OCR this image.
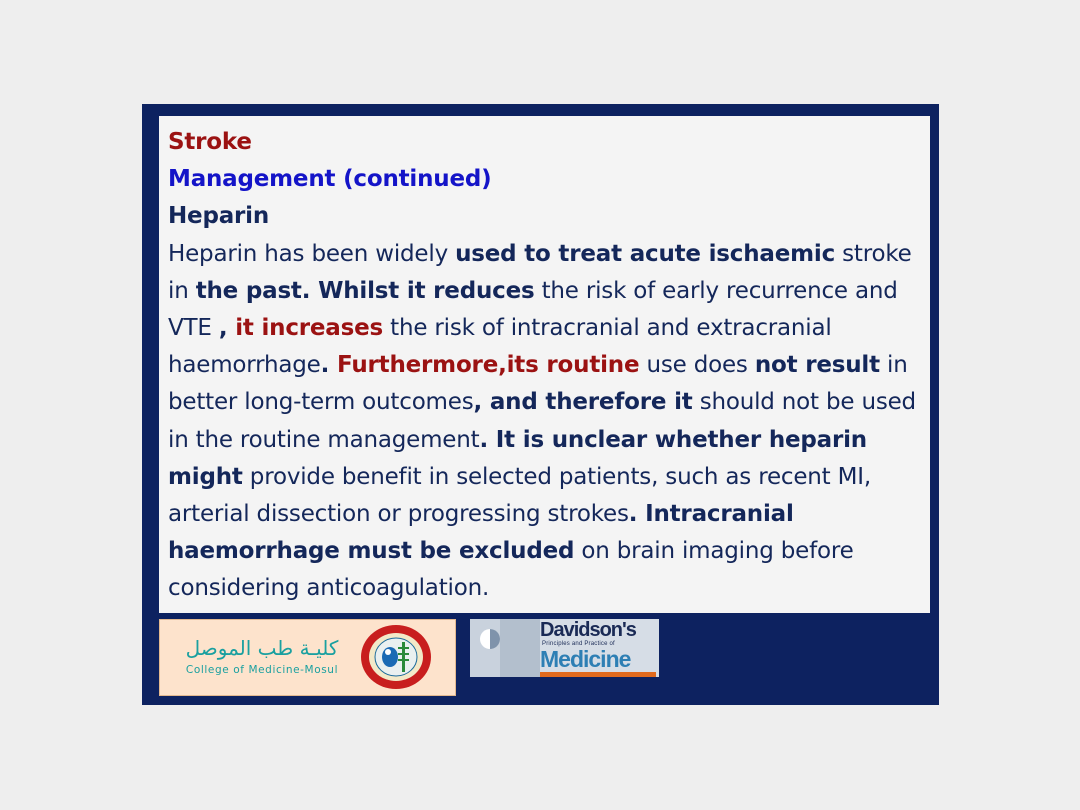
Stroke

Management (continued)

Heparin

Heparin has been widely used to treat acute ischaemic stroke in the past. Whilst it reduces the risk of early recurrence and VTE , it increases the risk of intracranial and extracranial haemorrhage. Furthermore,its routine use does not result in better long-term outcomes, and therefore it should not be used in the routine management. It is unclear whether heparin might provide benefit in selected patients, such as recent MI, arterial dissection or progressing strokes. Intracranial haemorrhage must be excluded on brain imaging before considering anticoagulation.

كليـة طب الموصل
College of Medicine-Mosul
Davidson's
Principles and Practice of
Medicine
